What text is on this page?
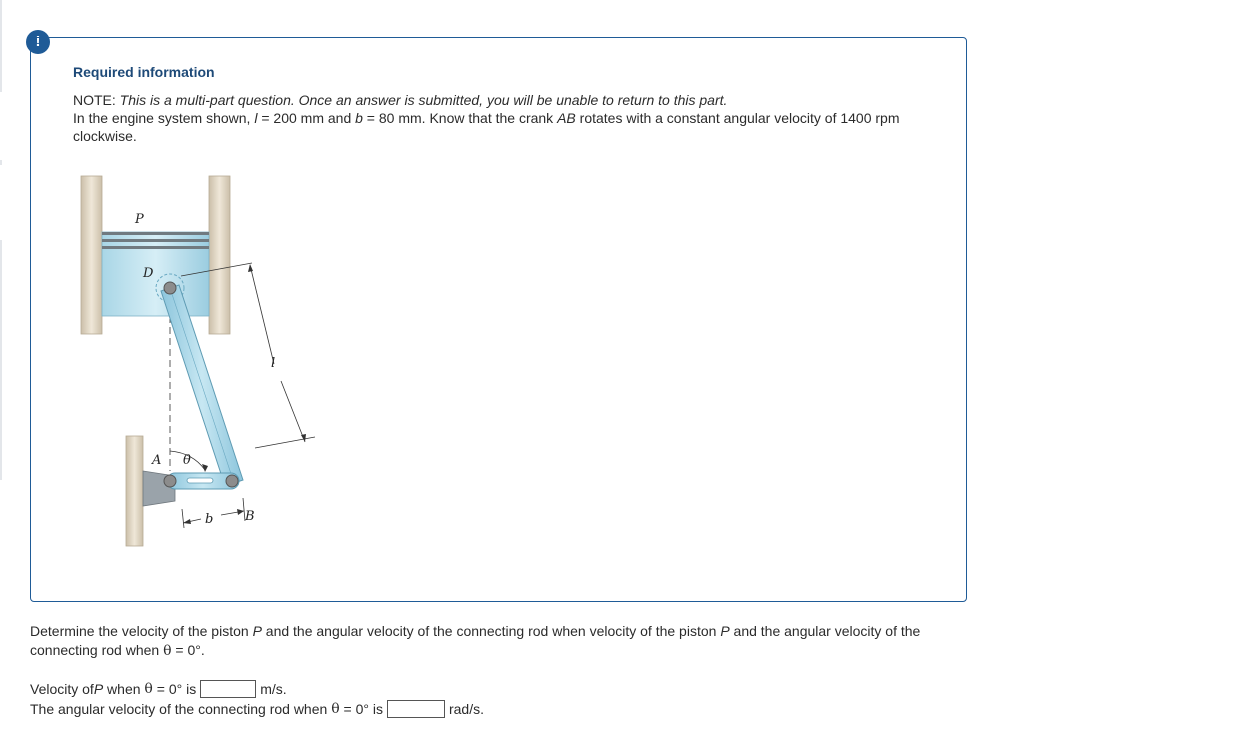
!
Required information
NOTE: This is a multi-part question. Once an answer is submitted, you will be unable to return to this part.
In the engine system shown, l = 200 mm and b = 80 mm. Know that the crank AB rotates with a constant angular velocity of 1400 rpm clockwise.
P
D
l
A θ
B
b
Determine the velocity of the piston P and the angular velocity of the connecting rod when velocity of the piston P and the angular velocity of the connecting rod when θ = 0°.
Velocity of P when θ = 0° is	m/s.
The angular velocity of the connecting rod when θ = 0° is	rad/s.
